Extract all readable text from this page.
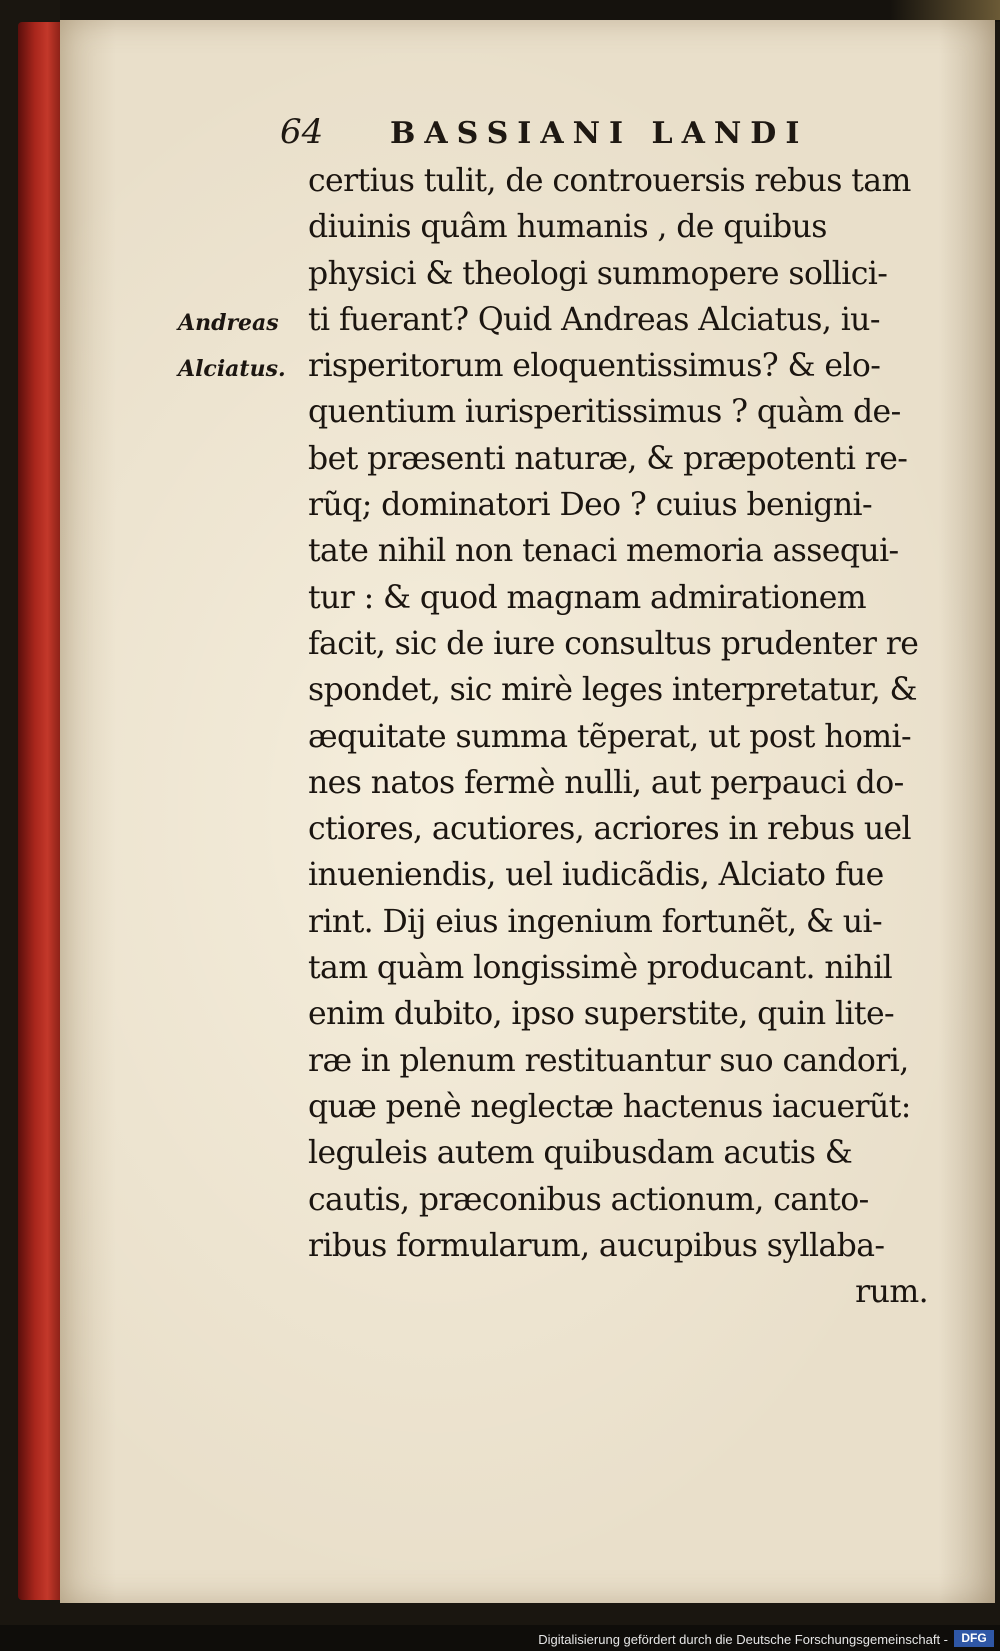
64 BASSIANI LANDI
Andreas
Alciatus.
certius tulit, de controuersis rebus tam
diuinis quâm humanis , de quibus
physici & theologi summopere sollici-
ti fuerant? Quid Andreas Alciatus, iu-
risperitorum eloquentissimus? & elo-
quentium iurisperitissimus ? quàm de-
bet præsenti naturæ, & præpotenti re-
rũq; dominatori Deo ? cuius benigni-
tate nihil non tenaci memoria assequi-
tur : & quod magnam admirationem
facit, sic de iure consultus prudenter re
spondet, sic mirè leges interpretatur, &
æquitate summa tẽperat, ut post homi-
nes natos fermè nulli, aut perpauci do-
ctiores, acutiores, acriores in rebus uel
inueniendis, uel iudicãdis, Alciato fue
rint. Dij eius ingenium fortunẽt, & ui-
tam quàm longissimè producant. nihil
enim dubito, ipso superstite, quin lite-
ræ in plenum restituantur suo candori,
quæ penè neglectæ hactenus iacuerũt:
leguleis autem quibusdam acutis &
cautis, præconibus actionum, canto-
ribus formularum, aucupibus syllaba-
rum.
Digitalisierung gefördert durch die Deutsche Forschungsgemeinschaft -	DFG
